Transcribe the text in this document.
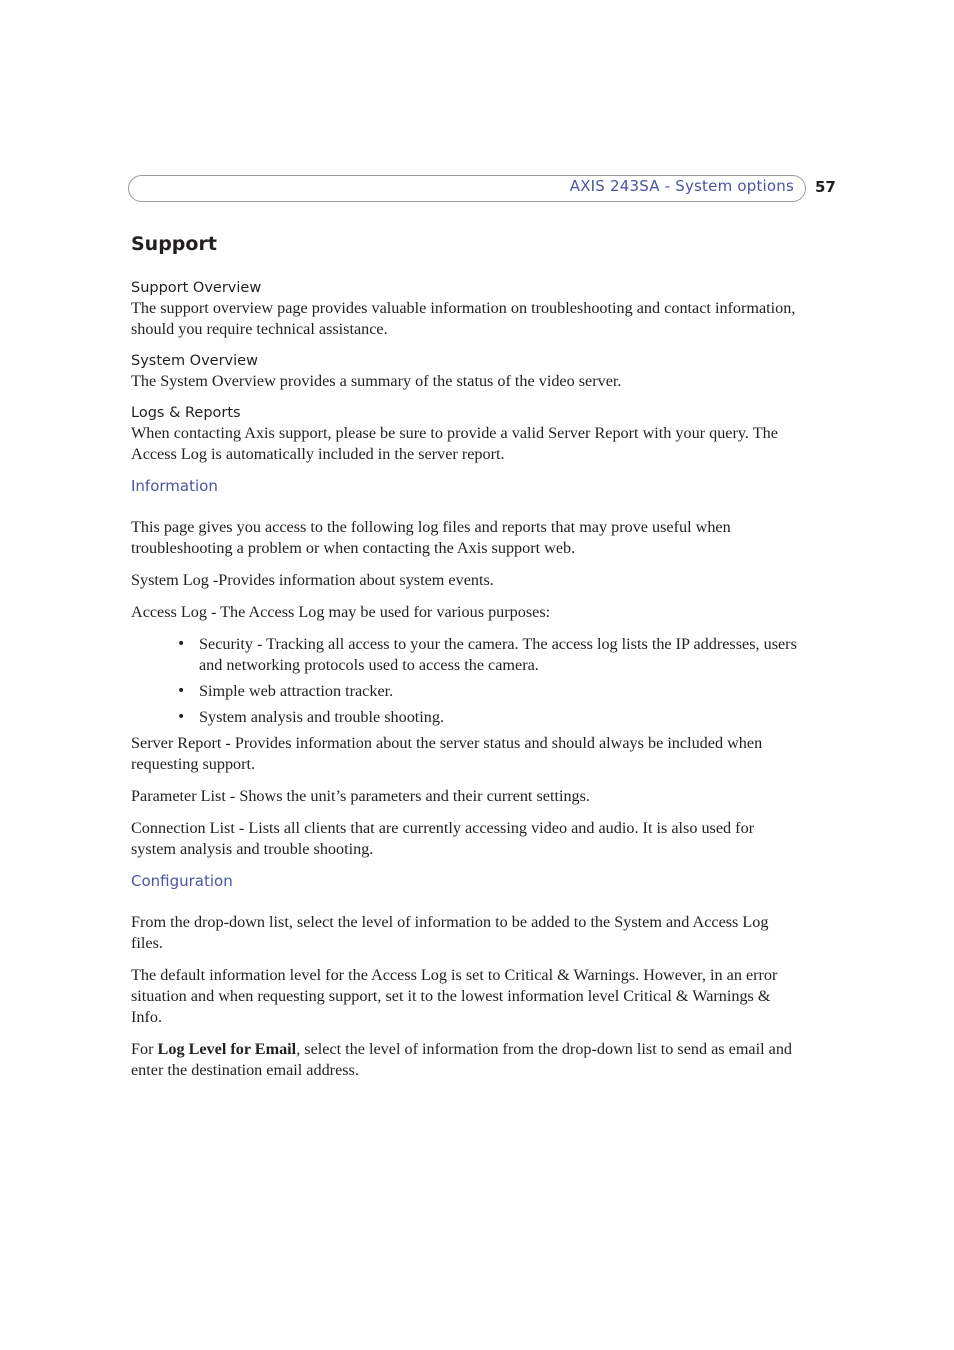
AXIS 243SA - System options 57
Support
Support Overview

The support overview page provides valuable information on troubleshooting and contact information, should you require technical assistance.

System Overview

The System Overview provides a summary of the status of the video server.

Logs & Reports

When contacting Axis support, please be sure to provide a valid Server Report with your query. The Access Log is automatically included in the server report.

Information

This page gives you access to the following log files and reports that may prove useful when troubleshooting a problem or when contacting the Axis support web.

System Log -Provides information about system events.

Access Log - The Access Log may be used for various purposes:

• Security - Tracking all access to your the camera. The access log lists the IP addresses, users and networking protocols used to access the camera.
• Simple web attraction tracker.
• System analysis and trouble shooting.

Server Report - Provides information about the server status and should always be included when requesting support.

Parameter List - Shows the unit’s parameters and their current settings.

Connection List - Lists all clients that are currently accessing video and audio. It is also used for system analysis and trouble shooting.

Configuration

From the drop-down list, select the level of information to be added to the System and Access Log files.

The default information level for the Access Log is set to Critical & Warnings. However, in an error situation and when requesting support, set it to the lowest information level Critical & Warnings & Info.

For Log Level for Email, select the level of information from the drop-down list to send as email and enter the destination email address.
